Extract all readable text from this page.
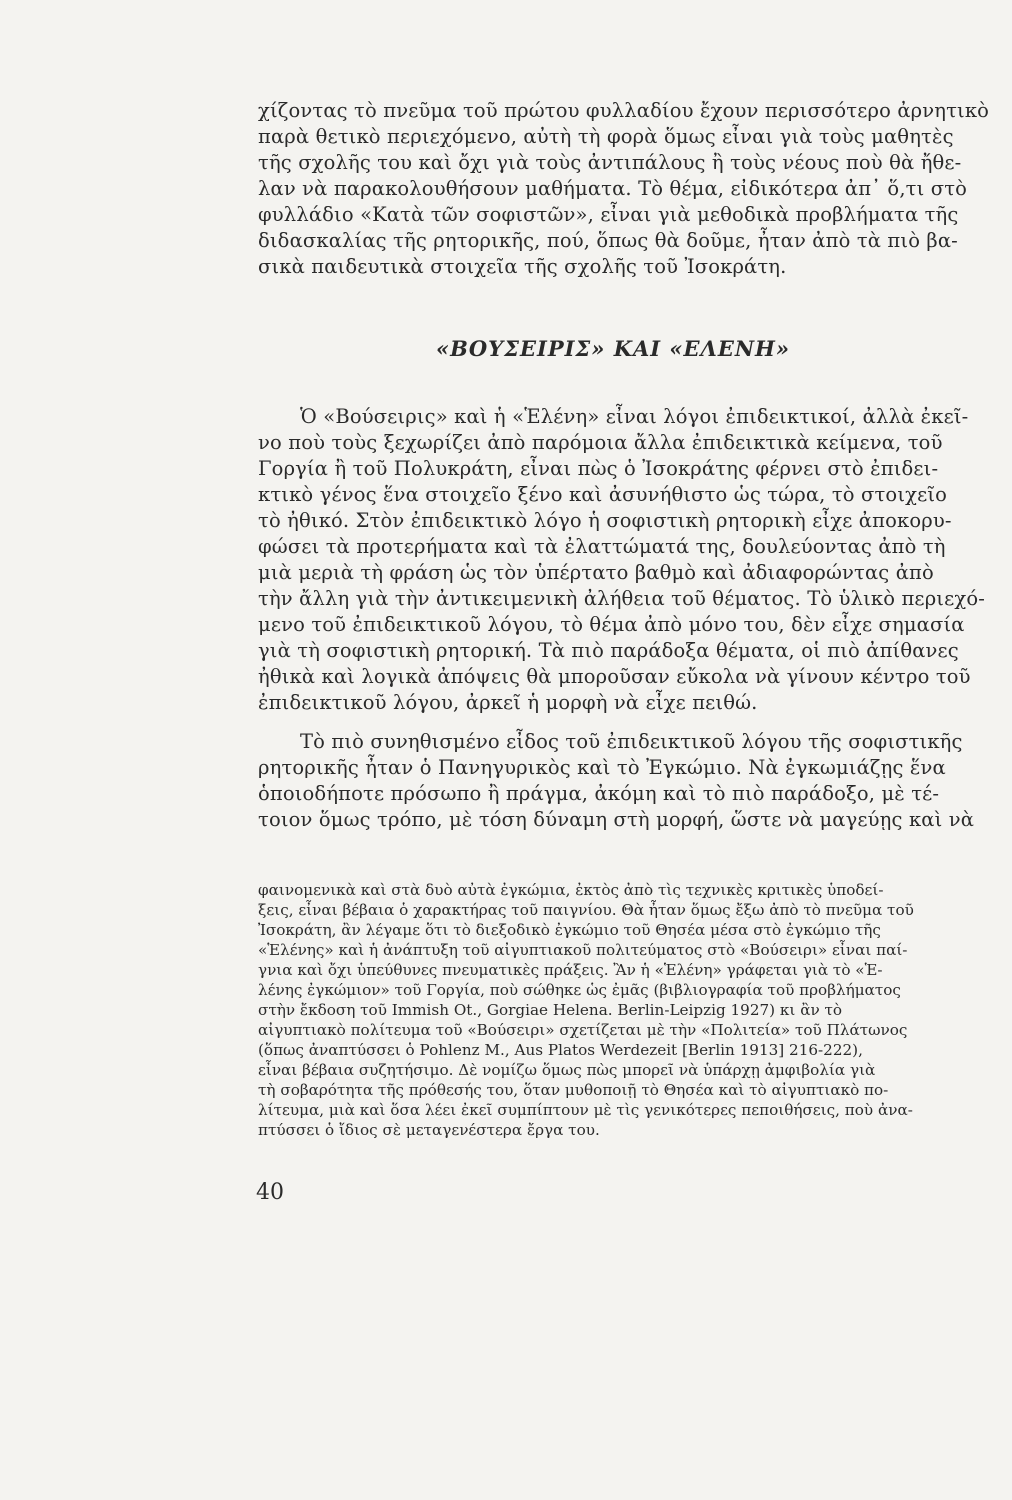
χίζοντας τὸ πνεῦμα τοῦ πρώτου φυλλαδίου ἔχουν περισσότερο ἀρνητικὸ
παρὰ θετικὸ περιεχόμενο, αὐτὴ τὴ φορὰ ὅμως εἶναι γιὰ τοὺς μαθητὲς
τῆς σχολῆς του καὶ ὄχι γιὰ τοὺς ἀντιπάλους ἢ τοὺς νέους ποὺ θὰ ἤθε-
λαν νὰ παρακολουθήσουν μαθήματα. Τὸ θέμα, εἰδικότερα ἀπ᾿ ὅ,τι στὸ
φυλλάδιο «Κατὰ τῶν σοφιστῶν», εἶναι γιὰ μεθοδικὰ προβλήματα τῆς
διδασκαλίας τῆς ρητορικῆς, πού, ὅπως θὰ δοῦμε, ἦταν ἀπὸ τὰ πιὸ βα-
σικὰ παιδευτικὰ στοιχεῖα τῆς σχολῆς τοῦ Ἰσοκράτη.
«ΒΟΥΣΕΙΡΙΣ» ΚΑΙ «ΕΛΕΝΗ»
Ὁ «Βούσειρις» καὶ ἡ «Ἑλένη» εἶναι λόγοι ἐπιδεικτικοί, ἀλλὰ ἐκεῖ-
νο ποὺ τοὺς ξεχωρίζει ἀπὸ παρόμοια ἄλλα ἐπιδεικτικὰ κείμενα, τοῦ
Γοργία ἢ τοῦ Πολυκράτη, εἶναι πὼς ὁ Ἰσοκράτης φέρνει στὸ ἐπιδει-
κτικὸ γένος ἕνα στοιχεῖο ξένο καὶ ἀσυνήθιστο ὡς τώρα, τὸ στοιχεῖο
τὸ ἠθικό. Στὸν ἐπιδεικτικὸ λόγο ἡ σοφιστικὴ ρητορικὴ εἶχε ἀποκορυ-
φώσει τὰ προτερήματα καὶ τὰ ἐλαττώματά της, δουλεύοντας ἀπὸ τὴ
μιὰ μεριὰ τὴ φράση ὡς τὸν ὑπέρτατο βαθμὸ καὶ ἀδιαφορώντας ἀπὸ
τὴν ἄλλη γιὰ τὴν ἀντικειμενικὴ ἀλήθεια τοῦ θέματος. Τὸ ὑλικὸ περιεχό-
μενο τοῦ ἐπιδεικτικοῦ λόγου, τὸ θέμα ἀπὸ μόνο του, δὲν εἶχε σημασία
γιὰ τὴ σοφιστικὴ ρητορική. Τὰ πιὸ παράδοξα θέματα, οἱ πιὸ ἀπίθανες
ἠθικὰ καὶ λογικὰ ἀπόψεις θὰ μποροῦσαν εὔκολα νὰ γίνουν κέντρο τοῦ
ἐπιδεικτικοῦ λόγου, ἀρκεῖ ἡ μορφὴ νὰ εἶχε πειθώ.
Τὸ πιὸ συνηθισμένο εἶδος τοῦ ἐπιδεικτικοῦ λόγου τῆς σοφιστικῆς
ρητορικῆς ἦταν ὁ Πανηγυρικὸς καὶ τὸ Ἐγκώμιο. Νὰ ἐγκωμιάζῃς ἕνα
ὁποιοδήποτε πρόσωπο ἢ πράγμα, ἀκόμη καὶ τὸ πιὸ παράδοξο, μὲ τέ-
τοιον ὅμως τρόπο, μὲ τόση δύναμη στὴ μορφή, ὥστε νὰ μαγεύῃς καὶ νὰ
φαινομενικὰ καὶ στὰ δυὸ αὐτὰ ἐγκώμια, ἐκτὸς ἀπὸ τὶς τεχνικὲς κριτικὲς ὑποδεί-
ξεις, εἶναι βέβαια ὁ χαρακτήρας τοῦ παιγνίου. Θὰ ἦταν ὅμως ἔξω ἀπὸ τὸ πνεῦμα τοῦ
Ἰσοκράτη, ἂν λέγαμε ὅτι τὸ διεξοδικὸ ἐγκώμιο τοῦ Θησέα μέσα στὸ ἐγκώμιο τῆς
«Ἑλένης» καὶ ἡ ἀνάπτυξη τοῦ αἰγυπτιακοῦ πολιτεύματος στὸ «Βούσειρι» εἶναι παί-
γνια καὶ ὄχι ὑπεύθυνες πνευματικὲς πράξεις. Ἂν ἡ «Ἑλένη» γράφεται γιὰ τὸ «Ἑ-
λένης ἐγκώμιον» τοῦ Γοργία, ποὺ σώθηκε ὡς ἐμᾶς (βιβλιογραφία τοῦ προβλήματος
στὴν ἔκδοση τοῦ Immish Ot., Gorgiae Helena. Berlin-Leipzig 1927) κι ἂν τὸ
αἰγυπτιακὸ πολίτευμα τοῦ «Βούσειρι» σχετίζεται μὲ τὴν «Πολιτεία» τοῦ Πλάτωνος
(ὅπως ἀναπτύσσει ὁ Pohlenz M., Aus Platos Werdezeit [Berlin 1913] 216-222),
εἶναι βέβαια συζητήσιμο. Δὲ νομίζω ὅμως πὼς μπορεῖ νὰ ὑπάρχῃ ἀμφιβολία γιὰ
τὴ σοβαρότητα τῆς πρόθεσής του, ὅταν μυθοποιῇ τὸ Θησέα καὶ τὸ αἰγυπτιακὸ πο-
λίτευμα, μιὰ καὶ ὅσα λέει ἐκεῖ συμπίπτουν μὲ τὶς γενικότερες πεποιθήσεις, ποὺ ἀνα-
πτύσσει ὁ ἴδιος σὲ μεταγενέστερα ἔργα του.
40
